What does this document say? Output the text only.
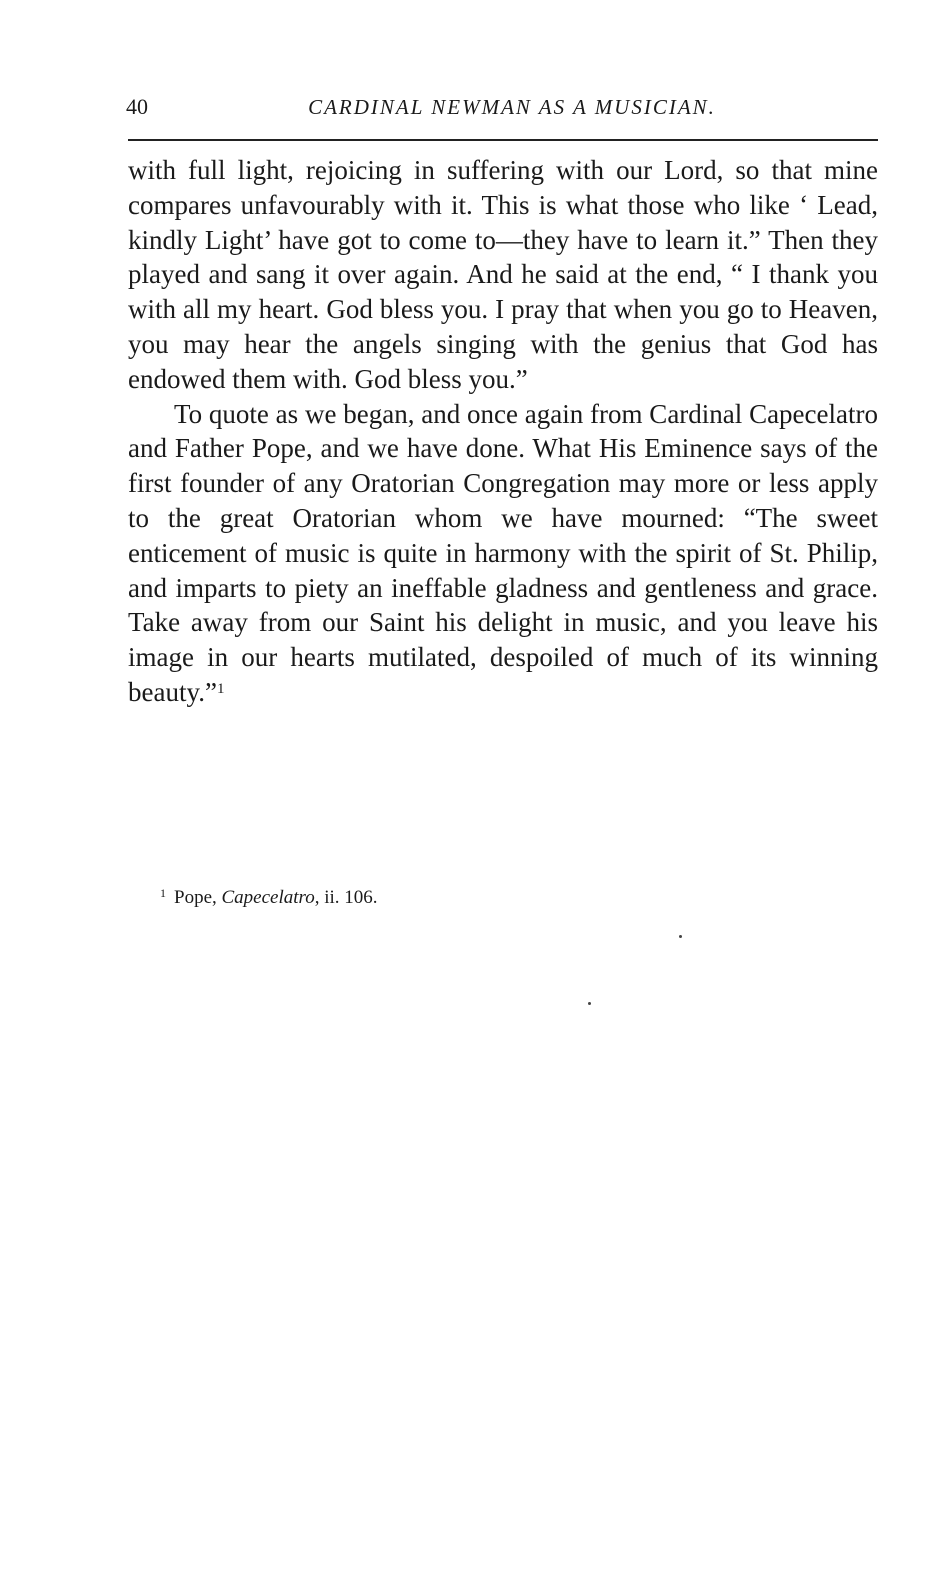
40	CARDINAL NEWMAN AS A MUSICIAN.

with full light, rejoicing in suffering with our Lord, so that mine compares unfavourably with it. This is what those who like ‘ Lead, kindly Light’ have got to come to—they have to learn it.” Then they played and sang it over again. And he said at the end, “ I thank you with all my heart. God bless you. I pray that when you go to Heaven, you may hear the angels singing with the genius that God has endowed them with. God bless you.”

To quote as we began, and once again from Cardinal Capecelatro and Father Pope, and we have done. What His Eminence says of the first founder of any Oratorian Congregation may more or less apply to the great Oratorian whom we have mourned: “The sweet enticement of music is quite in harmony with the spirit of St. Philip, and imparts to piety an ineffable gladness and gentleness and grace. Take away from our Saint his delight in music, and you leave his image in our hearts mutilated, despoiled of much of its winning beauty.”$^1$

$^1$ Pope, Capecelatro, ii. 106.
